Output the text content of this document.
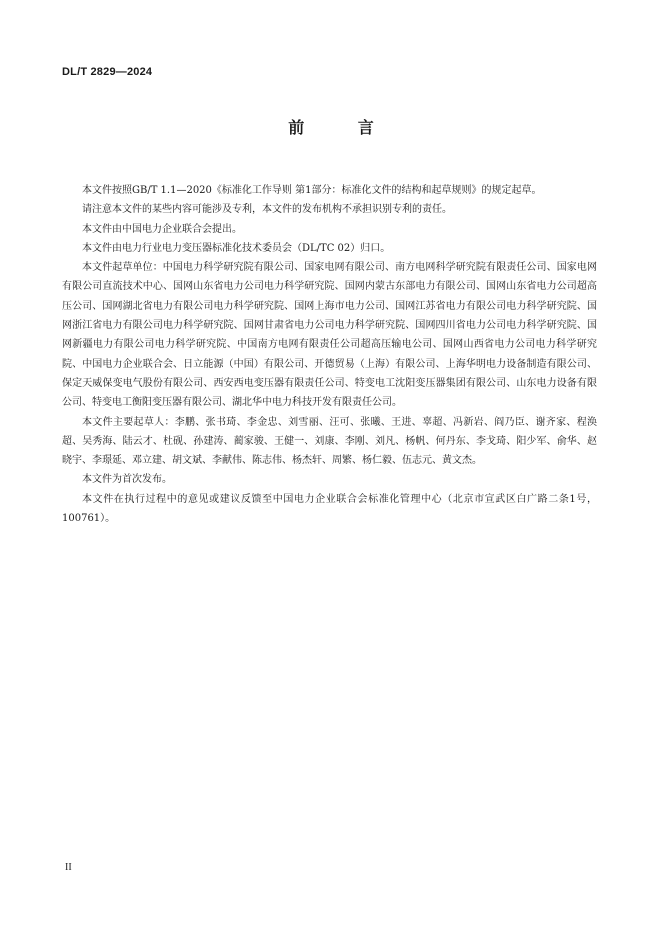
DL/T 2829—2024
前 言

本文件按照GB/T 1.1—2020《标准化工作导则 第1部分：标准化文件的结构和起草规则》的规定起草。

请注意本文件的某些内容可能涉及专利，本文件的发布机构不承担识别专利的责任。

本文件由中国电力企业联合会提出。

本文件由电力行业电力变压器标准化技术委员会（DL/TC 02）归口。

本文件起草单位：中国电力科学研究院有限公司、国家电网有限公司、南方电网科学研究院有限责任公司、国家电网有限公司直流技术中心、国网山东省电力公司电力科学研究院、国网内蒙古东部电力有限公司、国网山东省电力公司超高压公司、国网湖北省电力有限公司电力科学研究院、国网上海市电力公司、国网江苏省电力有限公司电力科学研究院、国网浙江省电力有限公司电力科学研究院、国网甘肃省电力公司电力科学研究院、国网四川省电力公司电力科学研究院、国网新疆电力有限公司电力科学研究院、中国南方电网有限责任公司超高压输电公司、国网山西省电力公司电力科学研究院、中国电力企业联合会、日立能源（中国）有限公司、开德贸易（上海）有限公司、上海华明电力设备制造有限公司、保定天威保变电气股份有限公司、西安西电变压器有限责任公司、特变电工沈阳变压器集团有限公司、山东电力设备有限公司、特变电工衡阳变压器有限公司、湖北华中电力科技开发有限责任公司。

本文件主要起草人：李鹏、张书琦、李金忠、刘雪丽、汪可、张曦、王进、辜超、冯新岩、阎乃臣、谢齐家、程涣超、吴秀海、陆云才、杜砚、孙建涛、蔺家骏、王健一、刘康、李刚、刘凡、杨帆、何丹东、李戈琦、阳少军、俞华、赵晓宇、李璟延、邓立建、胡文斌、李献伟、陈志伟、杨杰轩、周繁、杨仁毅、伍志元、黄文杰。

本文件为首次发布。

本文件在执行过程中的意见或建议反馈至中国电力企业联合会标准化管理中心（北京市宣武区白广路二条1号，100761）。

II
